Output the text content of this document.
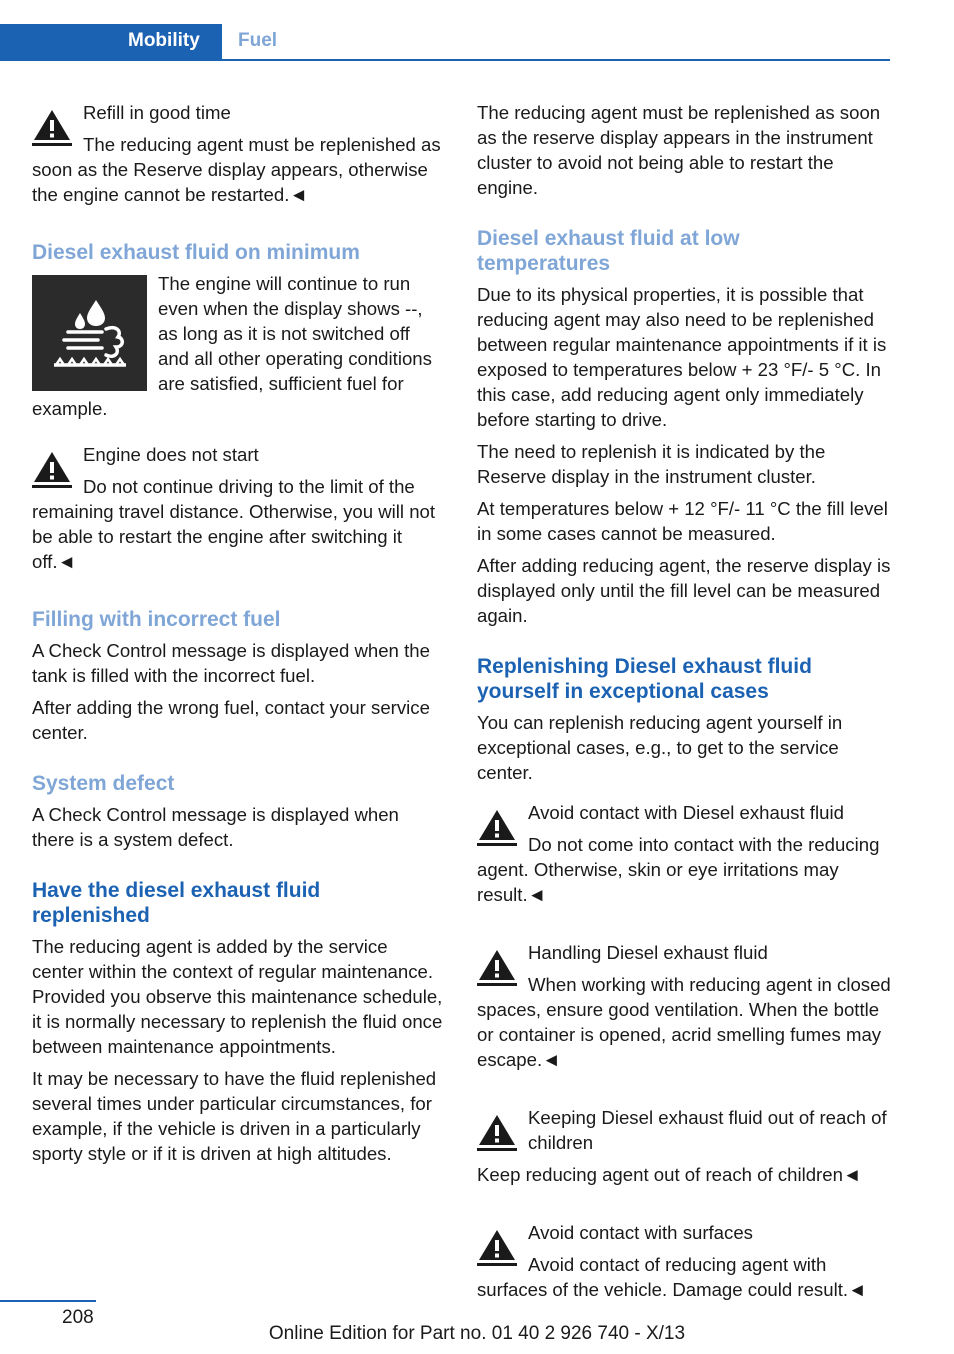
Mobility Fuel

Refill in good time

The reducing agent must be replenished as soon as the Reserve display appears, otherwise the engine cannot be restarted.◄

Diesel exhaust fluid on minimum

The engine will continue to run even when the display shows --, as long as it is not switched off and all other operating conditions are satisfied, sufficient fuel for example.

Engine does not start

Do not continue driving to the limit of the remaining travel distance. Otherwise, you will not be able to restart the engine after switching it off.◄

Filling with incorrect fuel

A Check Control message is displayed when the tank is filled with the incorrect fuel.

After adding the wrong fuel, contact your service center.

System defect

A Check Control message is displayed when there is a system defect.

Have the diesel exhaust fluid replenished

The reducing agent is added by the service center within the context of regular maintenance. Provided you observe this maintenance schedule, it is normally necessary to replenish the fluid once between maintenance appointments.

It may be necessary to have the fluid replenished several times under particular circumstances, for example, if the vehicle is driven in a particularly sporty style or if it is driven at high altitudes.

The reducing agent must be replenished as soon as the reserve display appears in the instrument cluster to avoid not being able to restart the engine.

Diesel exhaust fluid at low temperatures

Due to its physical properties, it is possible that reducing agent may also need to be replenished between regular maintenance appointments if it is exposed to temperatures below + 23 °F/- 5 °C. In this case, add reducing agent only immediately before starting to drive.

The need to replenish it is indicated by the Reserve display in the instrument cluster.

At temperatures below + 12 °F/- 11 °C the fill level in some cases cannot be measured.

After adding reducing agent, the reserve display is displayed only until the fill level can be measured again.

Replenishing Diesel exhaust fluid yourself in exceptional cases

You can replenish reducing agent yourself in exceptional cases, e.g., to get to the service center.

Avoid contact with Diesel exhaust fluid

Do not come into contact with the reducing agent. Otherwise, skin or eye irritations may result.◄

Handling Diesel exhaust fluid

When working with reducing agent in closed spaces, ensure good ventilation. When the bottle or container is opened, acrid smelling fumes may escape.◄

Keeping Diesel exhaust fluid out of reach of children

Keep reducing agent out of reach of children◄

Avoid contact with surfaces

Avoid contact of reducing agent with surfaces of the vehicle. Damage could result.◄

208
Online Edition for Part no. 01 40 2 926 740 - X/13
